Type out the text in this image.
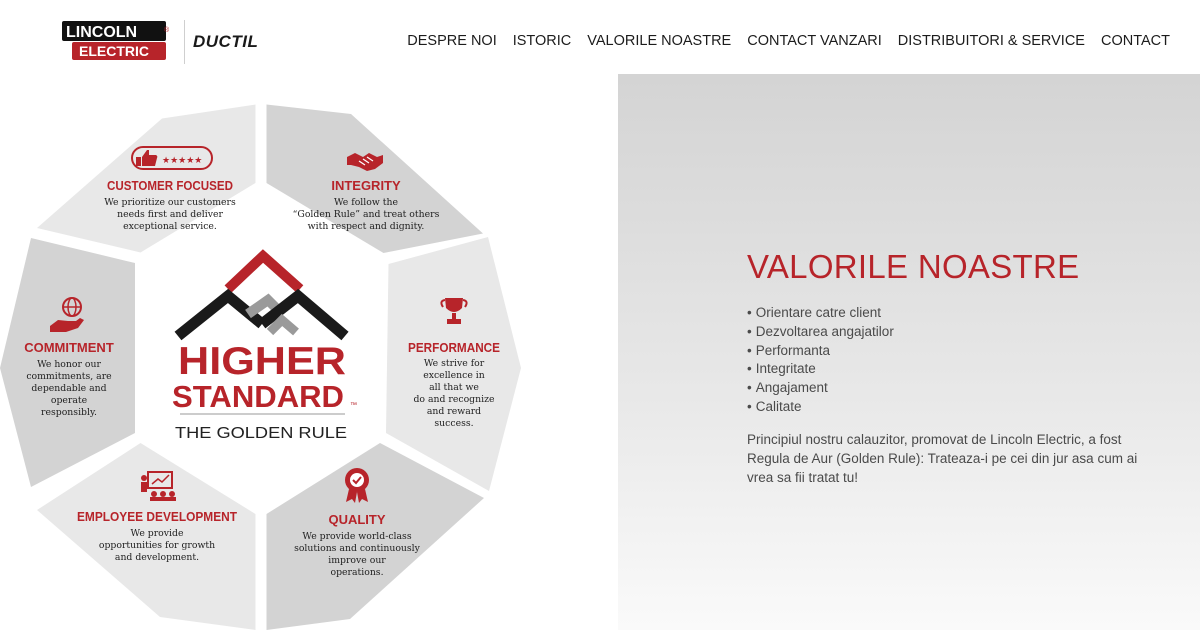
LINCOLN
ELECTRIC
®
DUCTIL	DESPRE NOI ISTORIC VALORILE NOASTRE CONTACT VANZARI DISTRIBUITORI & SERVICE CONTACT
HIGHER
STANDARD ™
THE GOLDEN RULE
★★★★★
CUSTOMER FOCUSED	INTEGRITY
PERFORMANCE
QUALITY
EMPLOYEE DEVELOPMENT
COMMITMENT
We prioritize our customers
needs first and deliver
exceptional service.
We follow the
“Golden Rule” and treat others
with respect and dignity.
We strive for
excellence in
all that we
do and recognize
and reward
success.
We provide world-class
solutions and continuously
improve our
operations.
We provide
opportunities for growth
and development.
We honor our
commitments, are
dependable and
operate
responsibly.
VALORILE NOASTRE
• Orientare catre client
• Dezvoltarea angajatilor
• Performanta
• Integritate
• Angajament
• Calitate

Principiul nostru calauzitor, promovat de Lincoln Electric, a fost Regula de Aur (Golden Rule): Trateaza-i pe cei din jur asa cum ai vrea sa fii tratat tu!
